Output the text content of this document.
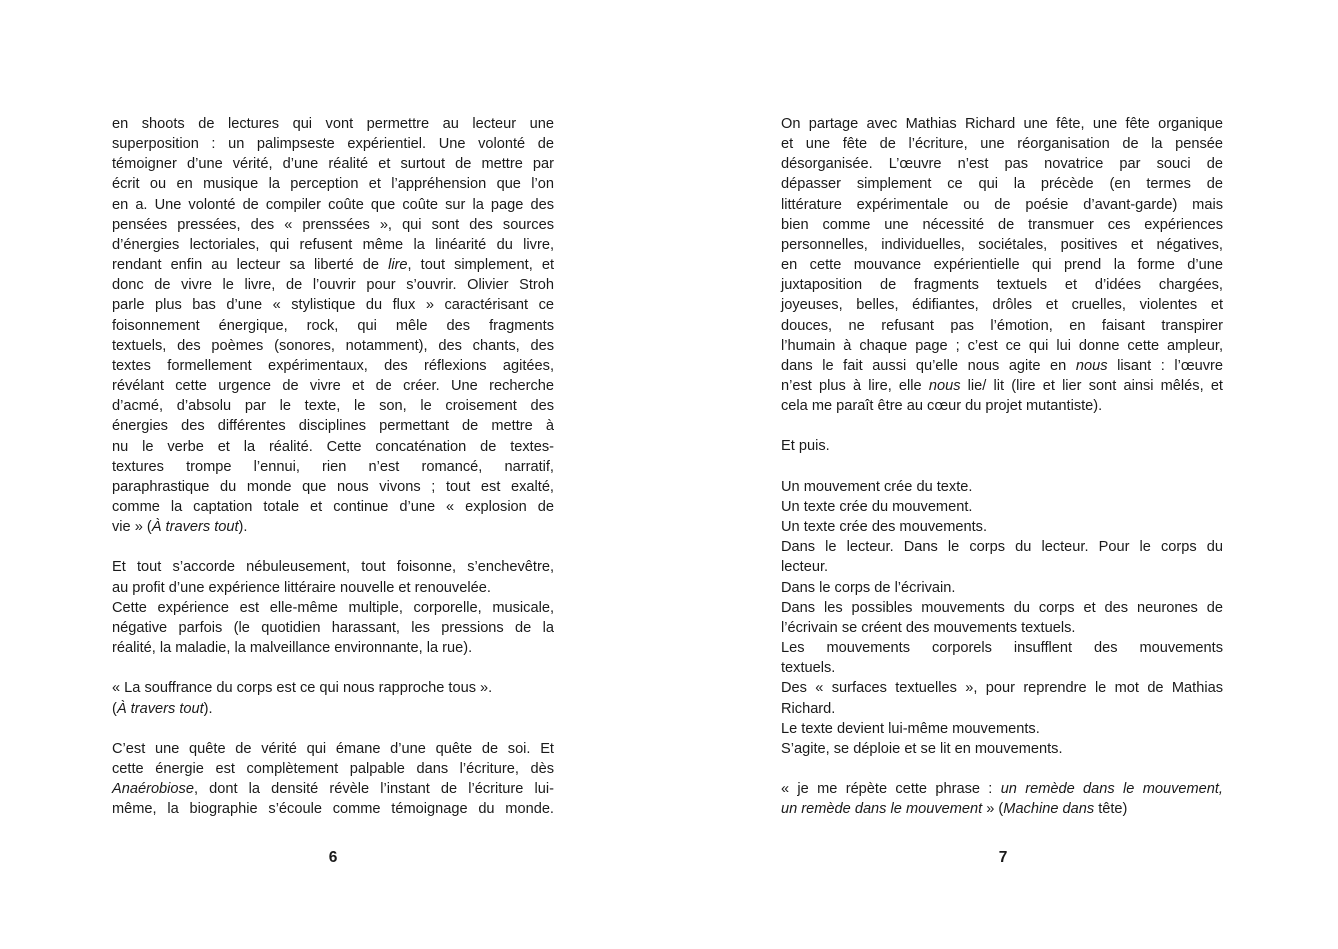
en shoots de lectures qui vont permettre au lecteur une
superposition : un palimpseste expérientiel. Une volonté de
témoigner d’une vérité, d’une réalité et surtout de mettre par
écrit ou en musique la perception et l’appréhension que l’on
en a. Une volonté de compiler coûte que coûte sur la page des
pensées pressées, des « prenssées », qui sont des sources
d’énergies lectoriales, qui refusent même la linéarité du livre,
rendant enfin au lecteur sa liberté de lire, tout simplement, et
donc de vivre le livre, de l’ouvrir pour s’ouvrir. Olivier Stroh
parle plus bas d’une « stylistique du flux » caractérisant ce
foisonnement énergique, rock, qui mêle des fragments
textuels, des poèmes (sonores, notamment), des chants, des
textes formellement expérimentaux, des réflexions agitées,
révélant cette urgence de vivre et de créer. Une recherche
d’acmé, d’absolu par le texte, le son, le croisement des
énergies des différentes disciplines permettant de mettre à
nu le verbe et la réalité. Cette concaténation de textes-
textures trompe l’ennui, rien n’est romancé, narratif,
paraphrastique du monde que nous vivons ; tout est exalté,
comme la captation totale et continue d’une « explosion de
vie » (À travers tout).
Et tout s’accorde nébuleusement, tout foisonne, s’enchevêtre,
au profit d’une expérience littéraire nouvelle et renouvelée.
Cette expérience est elle-même multiple, corporelle, musicale,
négative parfois (le quotidien harassant, les pressions de la
réalité, la maladie, la malveillance environnante, la rue).
« La souffrance du corps est ce qui nous rapproche tous ».
(À travers tout).
C’est une quête de vérité qui émane d’une quête de soi. Et
cette énergie est complètement palpable dans l’écriture, dès
Anaérobiose, dont la densité révèle l’instant de l’écriture lui-
même, la biographie s’écoule comme témoignage du monde.
On partage avec Mathias Richard une fête, une fête organique
et une fête de l’écriture, une réorganisation de la pensée
désorganisée. L’œuvre n’est pas novatrice par souci de
dépasser simplement ce qui la précède (en termes de
littérature expérimentale ou de poésie d’avant-garde) mais
bien comme une nécessité de transmuer ces expériences
personnelles, individuelles, sociétales, positives et négatives,
en cette mouvance expérientielle qui prend la forme d’une
juxtaposition de fragments textuels et d’idées chargées,
joyeuses, belles, édifiantes, drôles et cruelles, violentes et
douces, ne refusant pas l’émotion, en faisant transpirer
l’humain à chaque page ; c’est ce qui lui donne cette ampleur,
dans le fait aussi qu’elle nous agite en nous lisant : l’œuvre
n’est plus à lire, elle nous lie/ lit (lire et lier sont ainsi mêlés, et
cela me paraît être au cœur du projet mutantiste).
Et puis.
Un mouvement crée du texte.
Un texte crée du mouvement.
Un texte crée des mouvements.
Dans le lecteur. Dans le corps du lecteur. Pour le corps du
lecteur.
Dans le corps de l’écrivain.
Dans les possibles mouvements du corps et des neurones de
l’écrivain se créent des mouvements textuels.
Les mouvements corporels insufflent des mouvements
textuels.
Des « surfaces textuelles », pour reprendre le mot de Mathias
Richard.
Le texte devient lui-même mouvements.
S’agite, se déploie et se lit en mouvements.
« je me répète cette phrase : un remède dans le mouvement,
un remède dans le mouvement » (Machine dans tête)
6	7
